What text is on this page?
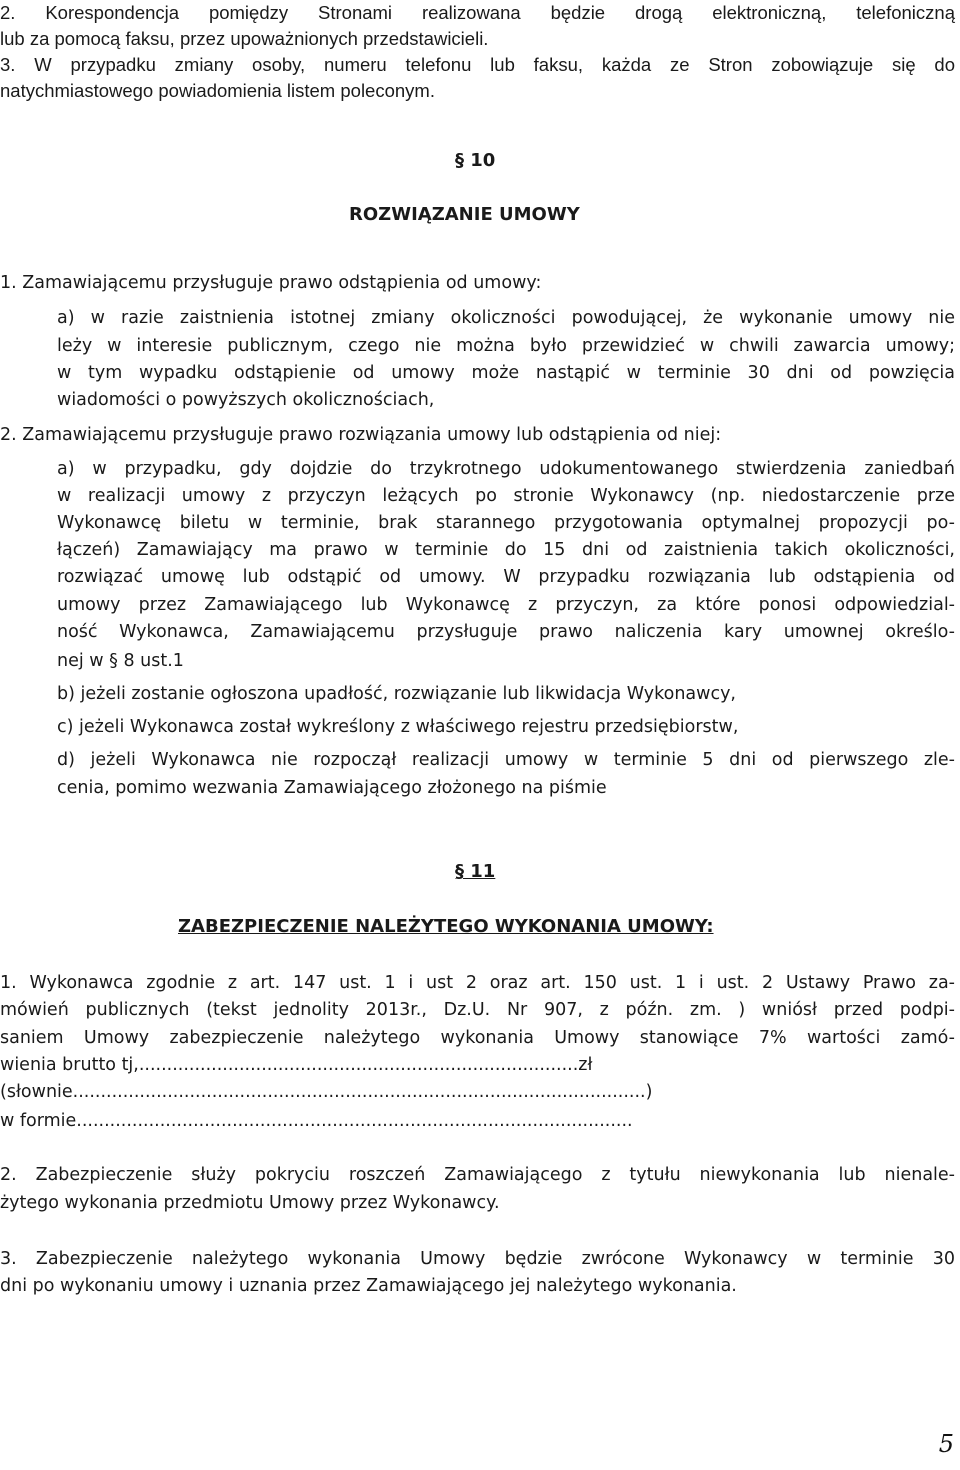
2. Korespondencja pomiędzy Stronami realizowana będzie drogą elektroniczną, telefoniczną
lub za pomocą faksu, przez upoważnionych przedstawicieli.
3. W przypadku zmiany osoby, numeru telefonu lub faksu, każda ze Stron zobowiązuje się do
natychmiastowego powiadomienia listem poleconym.
§ 10
ROZWIĄZANIE UMOWY
1. Zamawiającemu przysługuje prawo odstąpienia od umowy:
a) w razie zaistnienia istotnej zmiany okoliczności powodującej, że wykonanie umowy nie
leży w interesie publicznym, czego nie można było przewidzieć w chwili zawarcia umowy;
w tym wypadku odstąpienie od umowy może nastąpić w terminie 30 dni od powzięcia
wiadomości o powyższych okolicznościach,
2. Zamawiającemu przysługuje prawo rozwiązania umowy lub odstąpienia od niej:
a) w przypadku, gdy dojdzie do trzykrotnego udokumentowanego stwierdzenia zaniedbań
w realizacji umowy z przyczyn leżących po stronie Wykonawcy (np. niedostarczenie prze
Wykonawcę biletu w terminie, brak starannego przygotowania optymalnej propozycji po-
łączeń) Zamawiający ma prawo w terminie do 15 dni od zaistnienia takich okoliczności,
rozwiązać umowę lub odstąpić od umowy. W przypadku rozwiązania lub odstąpienia od
umowy przez Zamawiającego lub Wykonawcę z przyczyn, za które ponosi odpowiedzial-
ność Wykonawca, Zamawiającemu przysługuje prawo naliczenia kary umownej określo-
nej w § 8 ust.1
b) jeżeli zostanie ogłoszona upadłość, rozwiązanie lub likwidacja Wykonawcy,
c) jeżeli Wykonawca został wykreślony z właściwego rejestru przedsiębiorstw,
d) jeżeli Wykonawca nie rozpoczął realizacji umowy w terminie 5 dni od pierwszego zle-
cenia, pomimo wezwania Zamawiającego złożonego na piśmie
§ 11
ZABEZPIECZENIE NALEŻYTEGO WYKONANIA UMOWY:
1. Wykonawca zgodnie z art. 147 ust. 1 i ust 2 oraz art. 150 ust. 1 i ust. 2 Ustawy Prawo za-
mówień publicznych (tekst jednolity 2013r., Dz.U. Nr 907, z późn. zm. ) wniósł przed podpi-
saniem Umowy zabezpieczenie należytego wykonania Umowy stanowiące 7% wartości zamó-
wienia brutto tj,...............................................................................zł
(słownie.......................................................................................................)
w formie....................................................................................................
2. Zabezpieczenie służy pokryciu roszczeń Zamawiającego z tytułu niewykonania lub nienale-
żytego wykonania przedmiotu Umowy przez Wykonawcy.
3. Zabezpieczenie należytego wykonania Umowy będzie zwrócone Wykonawcy w terminie 30
dni po wykonaniu umowy i uznania przez Zamawiającego jej należytego wykonania.
5
